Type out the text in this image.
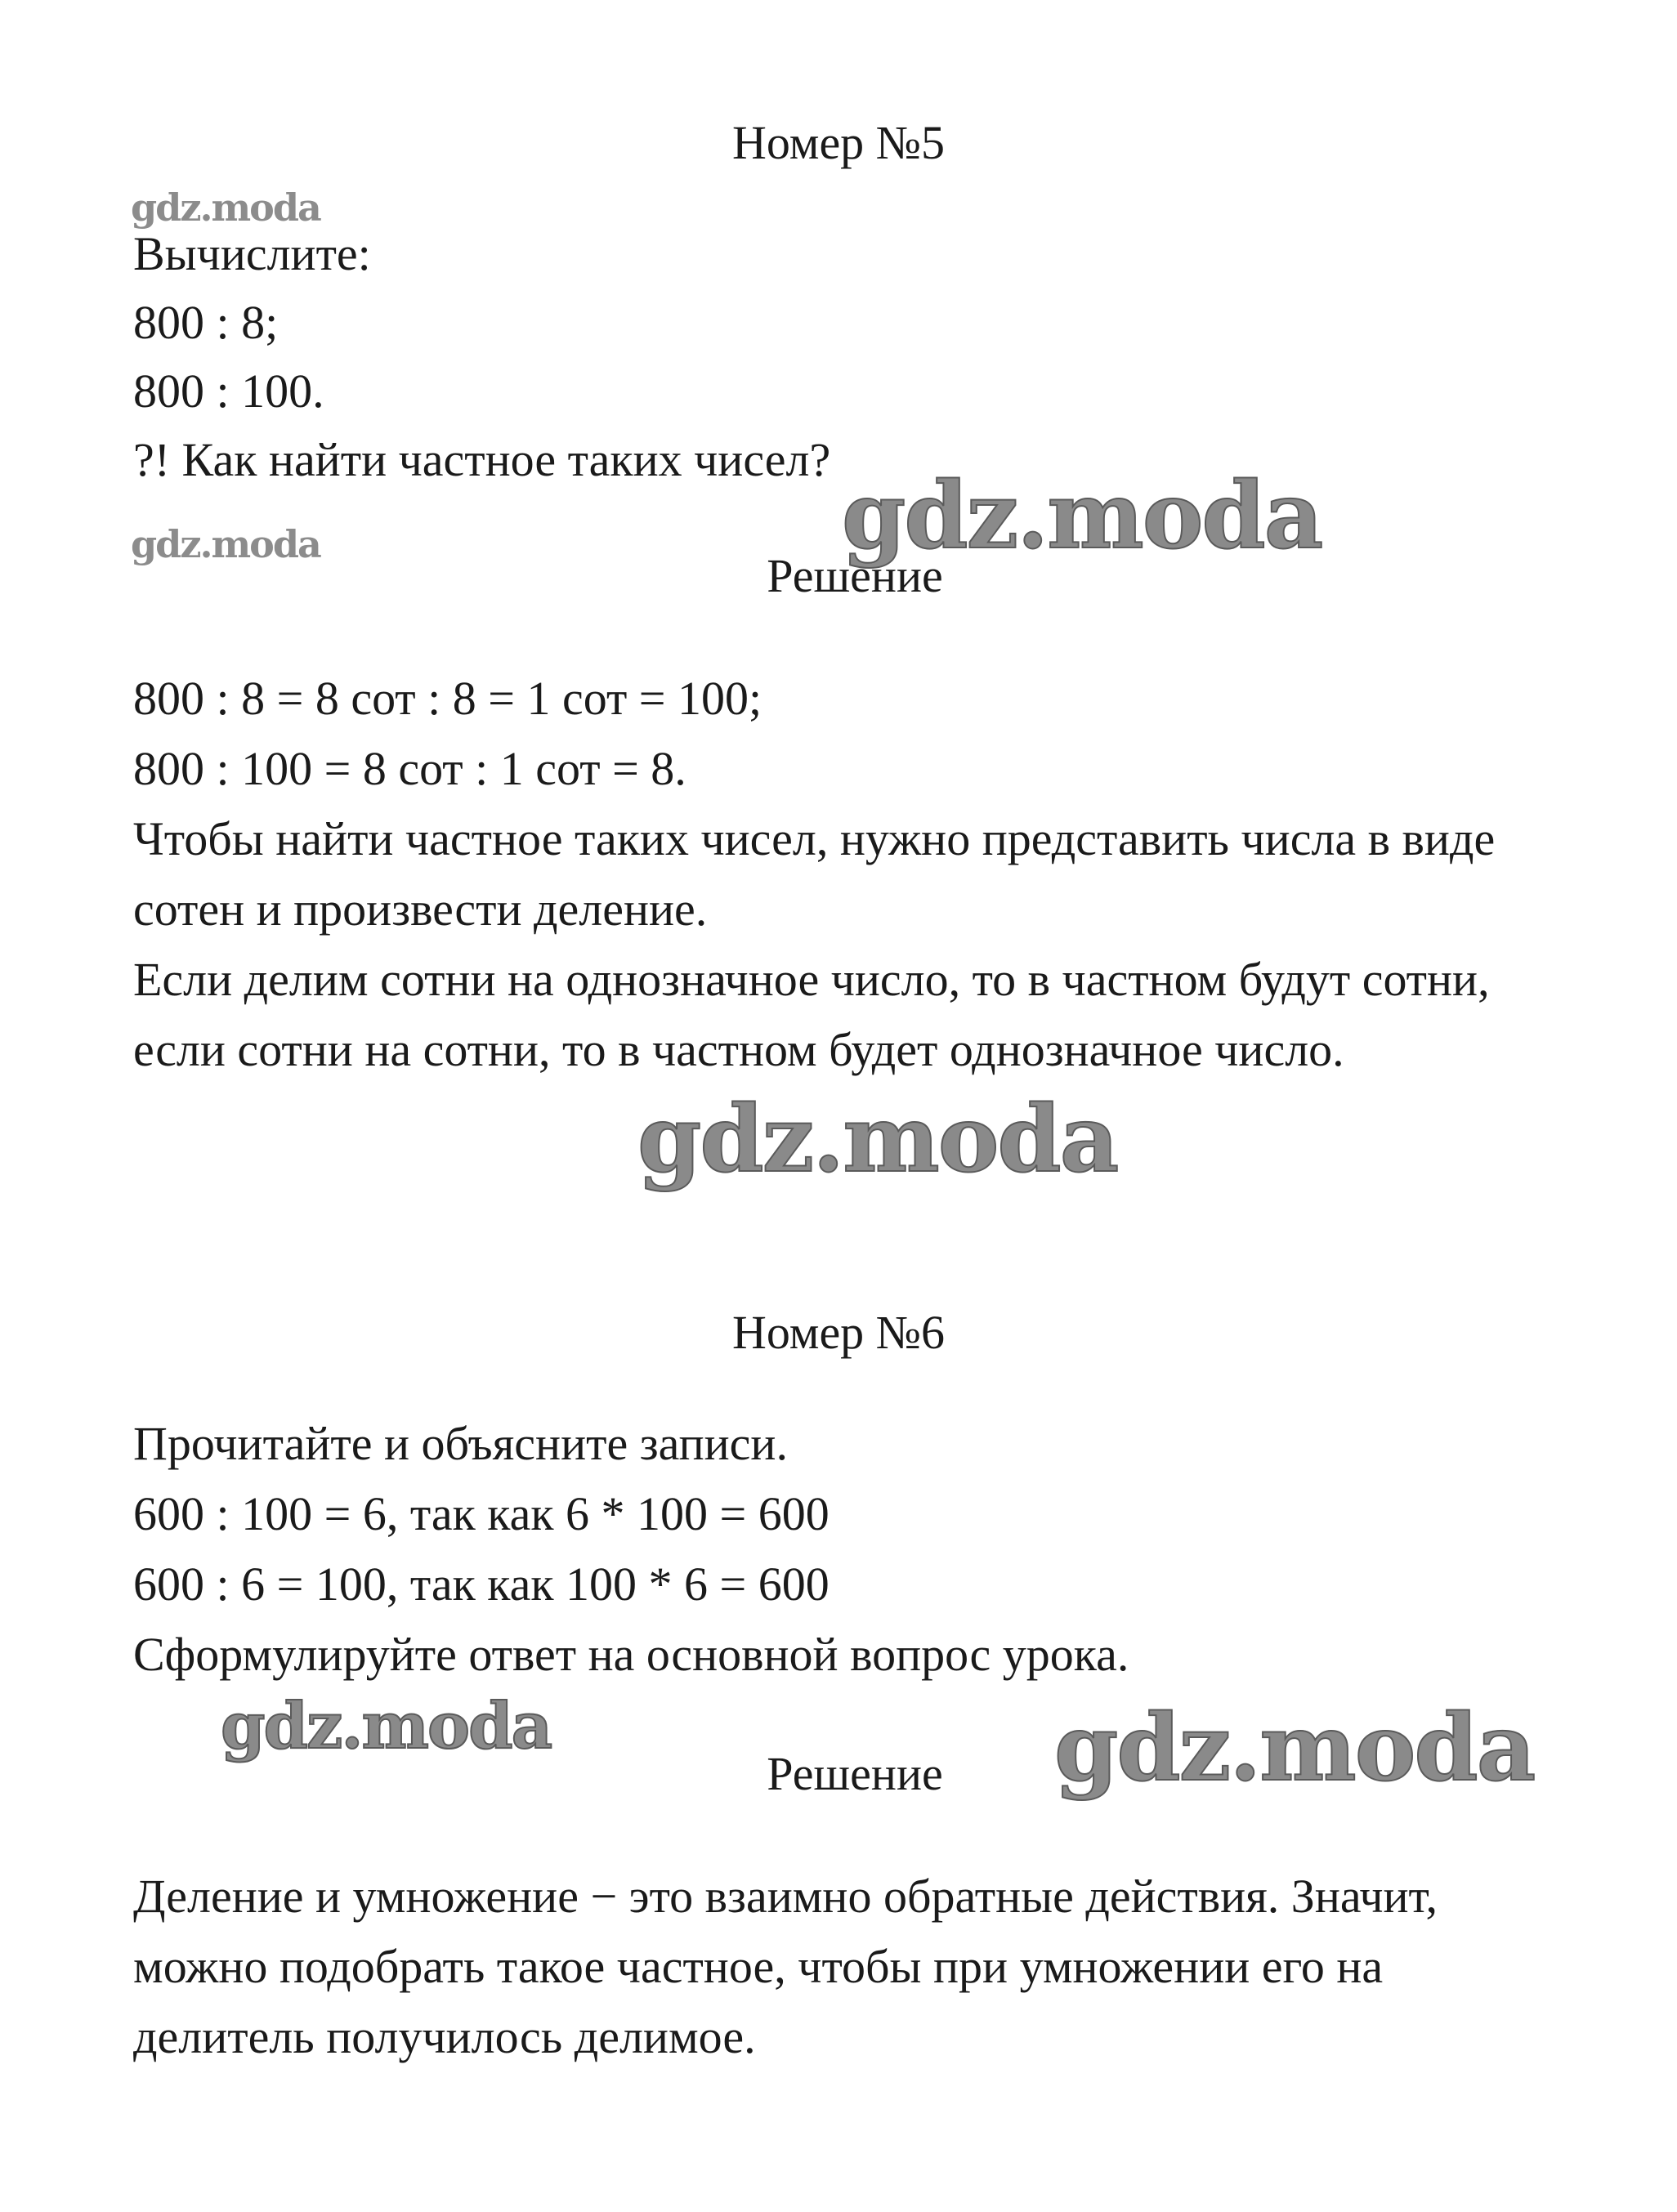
Номер №5

gdz.moda

Вычислите:

800 : 8;

800 : 100.

?! Как найти частное таких чисел?

gdz.moda

gdz.moda

Решение

800 : 8 = 8 сот : 8 = 1 сот = 100;

800 : 100 = 8 сот : 1 сот = 8.

Чтобы найти частное таких чисел, нужно представить числа в виде

сотен и произвести деление.

Если делим сотни на однозначное число, то в частном будут сотни,

если сотни на сотни, то в частном будет однозначное число.

gdz.moda

Номер №6

Прочитайте и объясните записи.

600 : 100 = 6, так как 6 * 100 = 600

600 : 6 = 100, так как 100 * 6 = 600

Сформулируйте ответ на основной вопрос урока.

gdz.moda

Решение	gdz.moda

Деление и умножение − это взаимно обратные действия. Значит,

можно подобрать такое частное, чтобы при умножении его на

делитель получилось делимое.
